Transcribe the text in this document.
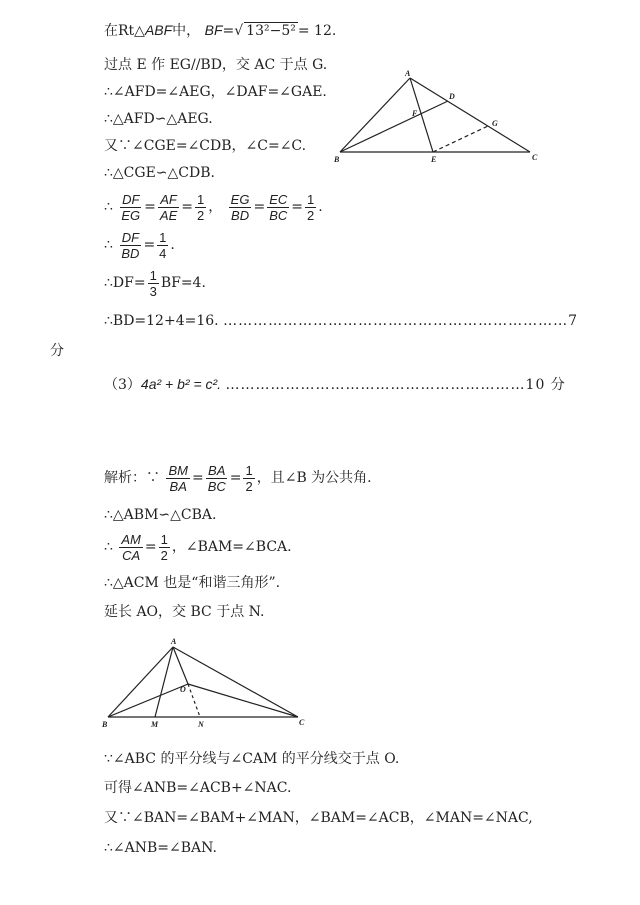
在Rt△ABF中， BF=√ 13²−5² = 12.
过点 E 作 EG//BD，交 AC 于点 G.
∴∠AFD=∠AEG，∠DAF=∠GAE.
∴△AFD∽△AEG.
又∵∠CGE=∠CDB，∠C=∠C.
∴△CGE∽△CDB.
∴ $\frac{DF}{EG} = \frac{AF}{AE} = \frac{1}{2}$ ， $\frac{EG}{BD} = \frac{EC}{BC} = \frac{1}{2}$ .
∴ $\frac{DF}{BD} = \frac{1}{4}$ .
∴DF= $\frac{1}{3} BF=4$.
∴BD=12+4=16. ……………………………………………………………7
分
（3）4a² + b² = c². ……………………………………………………10 分
解析：∵ $\frac{BM}{BA} = \frac{BA}{BC} = \frac{1}{2}$ ，且∠B 为公共角.
∴△ABM∽△CBA.
∴ $\frac{AM}{CA} = \frac{1}{2}$ ，∠BAM=∠BCA.
∴△ACM 也是“和谐三角形”.
延长 AO，交 BC 于点 N.
∵∠ABC 的平分线与∠CAM 的平分线交于点 O.
可得∠ANB=∠ACB+∠NAC.
又∵∠BAN=∠BAM+∠MAN，∠BAM=∠ACB，∠MAN=∠NAC,
∴∠ANB=∠BAN.
A
B	C
D
E
F
G
A
B	C
M	N
O
